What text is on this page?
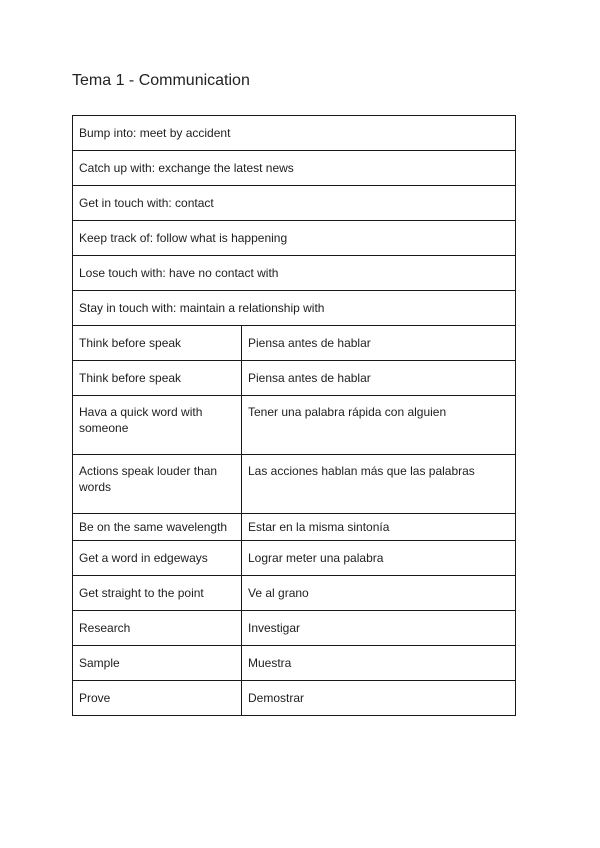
Tema 1 - Communication
Bump into: meet by accident	
Catch up with: exchange the latest news	
Get in touch with: contact	
Keep track of: follow what is happening	
Lose touch with: have no contact with	
Stay in touch with: maintain a relationship with	
Think before speak	Piensa antes de hablar
Think before speak	Piensa antes de hablar
Hava a quick word with someone	Tener una palabra rápida con alguien
Actions speak louder than words	Las acciones hablan más que las palabras
Be on the same wavelength	Estar en la misma sintonía
Get a word in edgeways	Lograr meter una palabra
Get straight to the point	Ve al grano
Research	Investigar
Sample	Muestra
Prove	Demostrar
